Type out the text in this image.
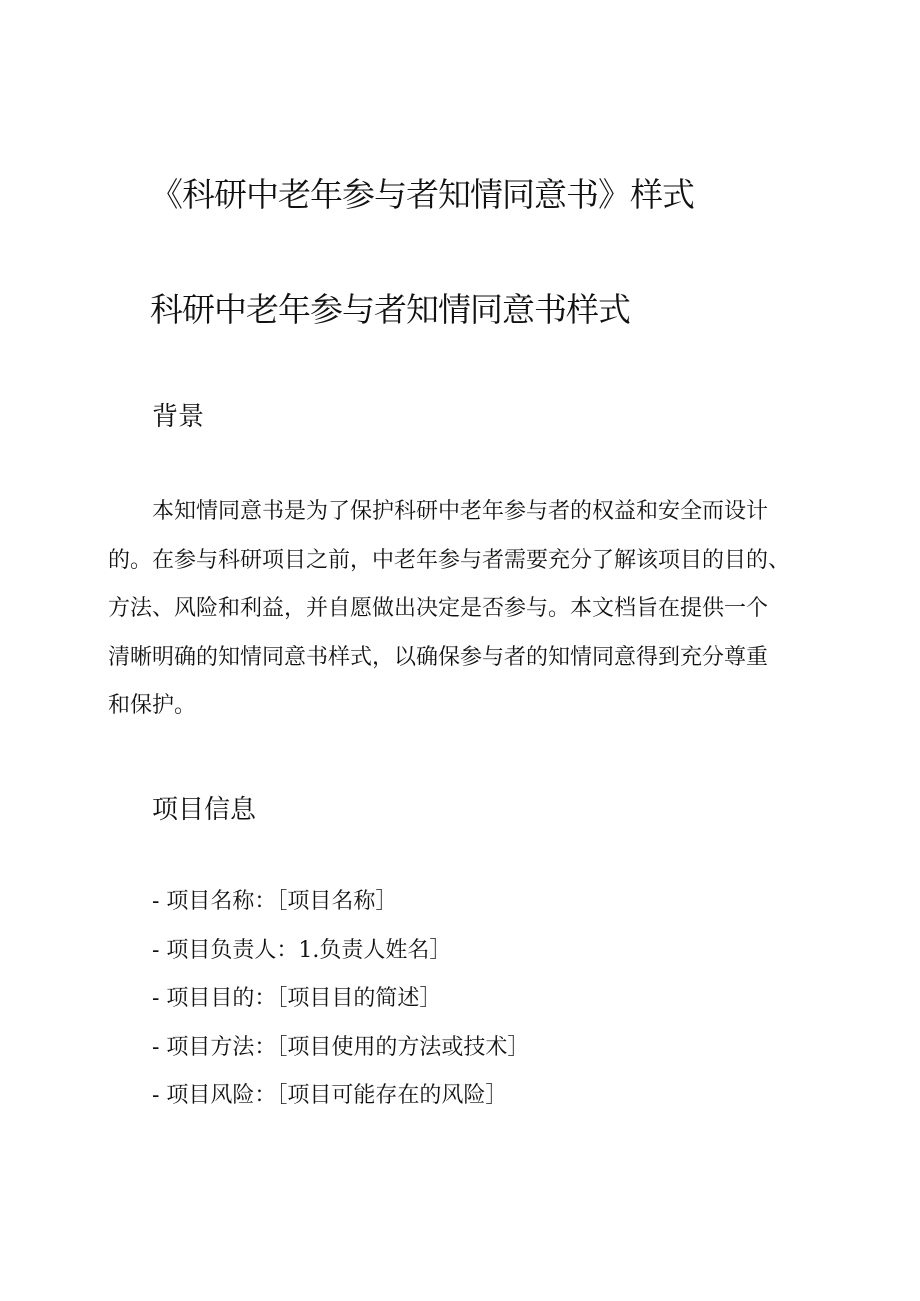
《科研中老年参与者知情同意书》样式
科研中老年参与者知情同意书样式
背景

本知情同意书是为了保护科研中老年参与者的权益和安全而设计
的。在参与科研项目之前，中老年参与者需要充分了解该项目的目的、
方法、风险和利益，并自愿做出决定是否参与。本文档旨在提供一个
清晰明确的知情同意书样式，以确保参与者的知情同意得到充分尊重
和保护。

项目信息
- 项目名称：［项目名称］
- 项目负责人：1.负责人姓名］
- 项目目的：［项目目的简述］
- 项目方法：［项目使用的方法或技术］
- 项目风险：［项目可能存在的风险］
